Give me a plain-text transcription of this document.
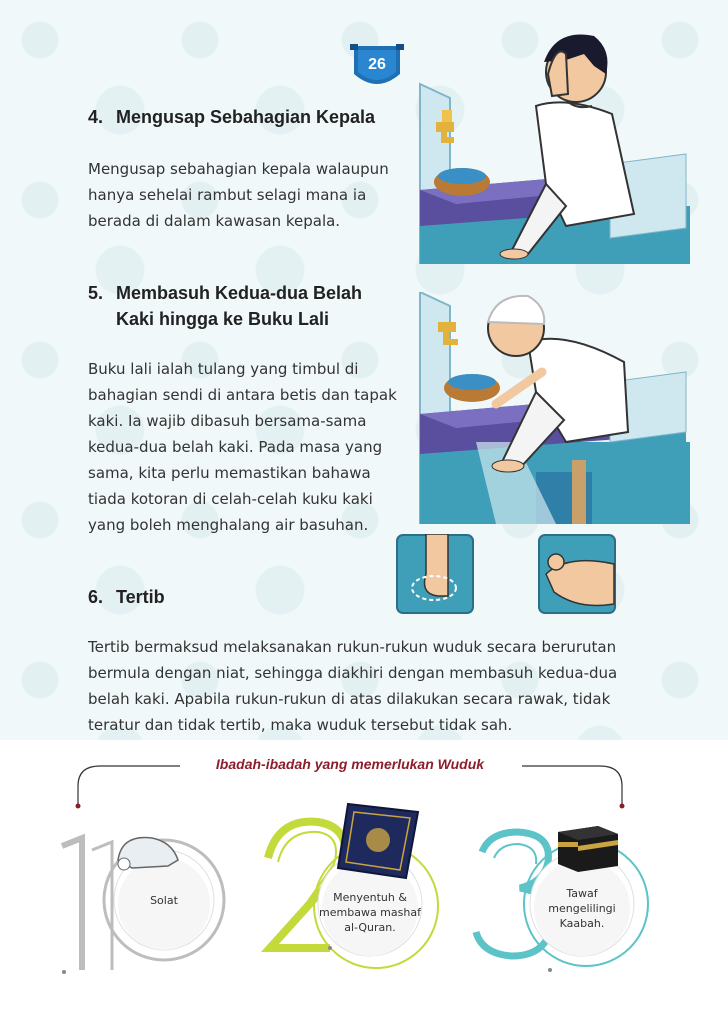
26
4. Mengusap Sebahagian Kepala
Mengusap sebahagian kepala walaupun
hanya sehelai rambut selagi mana ia
berada di dalam kawasan kepala.
5. Membasuh Kedua-dua Belah
Kaki hingga ke Buku Lali
Buku lali ialah tulang yang timbul di
bahagian sendi di antara betis dan tapak
kaki. Ia wajib dibasuh bersama-sama
kedua-dua belah kaki. Pada masa yang
sama, kita perlu memastikan bahawa
tiada kotoran di celah-celah kuku kaki
yang boleh menghalang air basuhan.
6. Tertib
Tertib bermaksud melaksanakan rukun-rukun wuduk secara berurutan
bermula dengan niat, sehingga diakhiri dengan membasuh kedua-dua
belah kaki. Apabila rukun-rukun di atas dilakukan secara rawak, tidak
teratur dan tidak tertib, maka wuduk tersebut tidak sah.
Ibadah-ibadah yang memerlukan Wuduk
Solat	Menyentuh &
membawa mashaf
al-Quran.
Tawaf
mengelilingi
Kaabah.
